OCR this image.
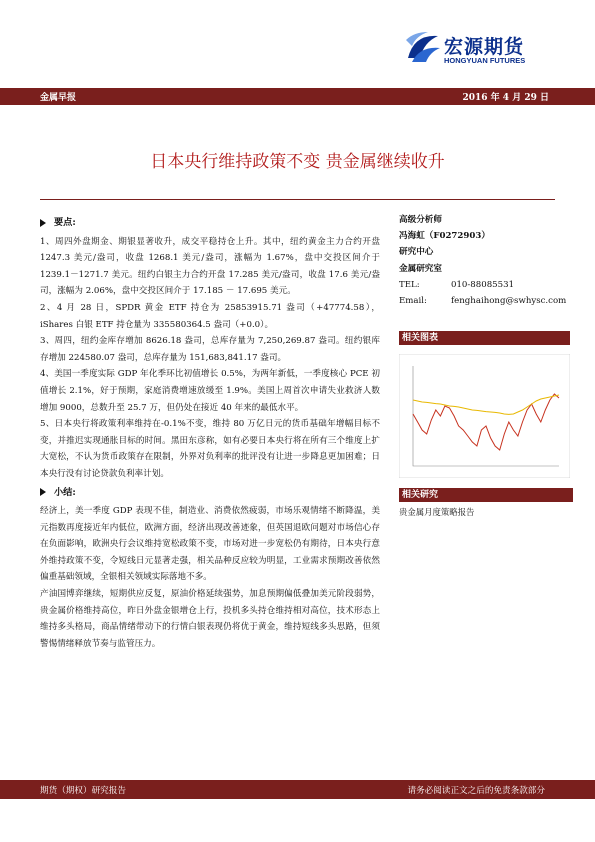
宏源期货
HONGYUAN FUTURES
金属早报	2016 年 4 月 29 日
日本央行维持政策不变 贵金属继续收升
要点:

1、周四外盘期金、期银显著收升，成交平稳持仓上升。其中，纽约黄金主力合约开盘 1247.3 美元/盎司，收盘 1268.1 美元/盎司，涨幅为 1.67%，盘中交投区间介于 1239.1－1271.7 美元。纽约白银主力合约开盘 17.285 美元/盎司，收盘 17.6 美元/盎司，涨幅为 2.06%，盘中交投区间介于 17.185 － 17.695 美元。

2、4 月 28 日，SPDR 黄金 ETF 持仓为 25853915.71 盎司（+47774.58），iShares 白银 ETF 持仓量为 335580364.5 盎司（+0.0）。

3、周四，纽约金库存增加 8626.18 盎司，总库存量为 7,250,269.87 盎司。纽约银库存增加 224580.07 盎司，总库存量为 151,683,841.17 盎司。

4、美国一季度实际 GDP 年化季环比初值增长 0.5%，为两年新低，一季度核心 PCE 初值增长 2.1%，好于预期，家庭消费增速放缓至 1.9%。美国上周首次申请失业救济人数增加 9000，总数升至 25.7 万，但仍处在接近 40 年来的最低水平。

5、日本央行将政策利率维持在-0.1%不变，维持 80 万亿日元的货币基础年增幅目标不变，并推迟实现通胀目标的时间。黑田东彦称，如有必要日本央行将在所有三个维度上扩大宽松，不认为货币政策存在限制，外界对负利率的批评没有让进一步降息更加困难；日本央行没有讨论贷款负利率计划。

小结:

经济上，美一季度 GDP 表现不佳，制造业、消费依然疲弱，市场乐观情绪不断降温，美元指数再度接近年内低位，欧洲方面，经济出现改善迹象，但英国退欧问题对市场信心存在负面影响，欧洲央行会议维持宽松政策不变，市场对进一步宽松仍有期待，日本央行意外维持政策不变，令短线日元显著走强，相关品种反应较为明显，工业需求预期改善依然偏重基础领域，全银相关领域实际落地不多。

产油国博弈继续，短期供应反复，原油价格延续强势，加息预期偏低叠加美元阶段弱势，贵金属价格维持高位，昨日外盘金银增仓上行，投机多头持仓维持相对高位，技术形态上维持多头格局，商品情绪带动下的行情白银表现仍将优于黄金，维持短线多头思路，但须警惕情绪释放节奏与监管压力。

高级分析师
冯海虹（F0272903）
研究中心
金属研究室
TEL:	010-88085531
Email:	fenghaihong@swhysc.com
相关图表
相关研究
贵金属月度策略报告
期货（期权）研究报告	请务必阅读正文之后的免责条款部分
